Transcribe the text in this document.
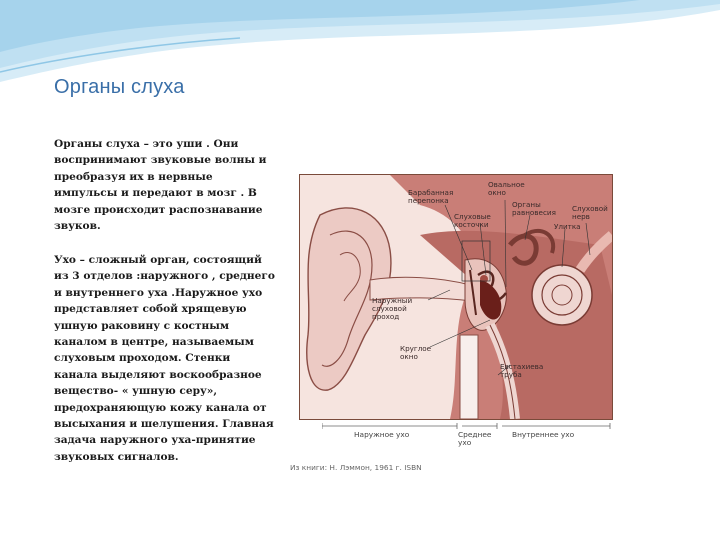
Органы слуха
Органы слуха – это уши . Они воспринимают звуковые волны и преобразуя их в нервные импульсы и передают в мозг . В мозге происходит распознавание звуков.
Ухо – сложный орган, состоящий из 3 отделов :наружного , среднего и внутреннего уха .Наружное ухо представляет собой хрящевую ушную раковину с костным каналом в центре, называемым слуховым проходом. Стенки канала выделяют воскообразное вещество- « ушную серу», предохраняющую кожу канала от высыхания и шелушения. Главная задача наружного уха-принятие звуковых сигналов.
Барабанная перепонка
Овальное окно
Слуховые косточки
Органы равновесия Слуховой нерв
Улитка
Наружный слуховой проход
Круглое окно
Евстахиева труба
Наружное ухо	Среднее ухо
Внутреннее ухо
Из книги: Н. Лэммон, 1961 г. ISBN
